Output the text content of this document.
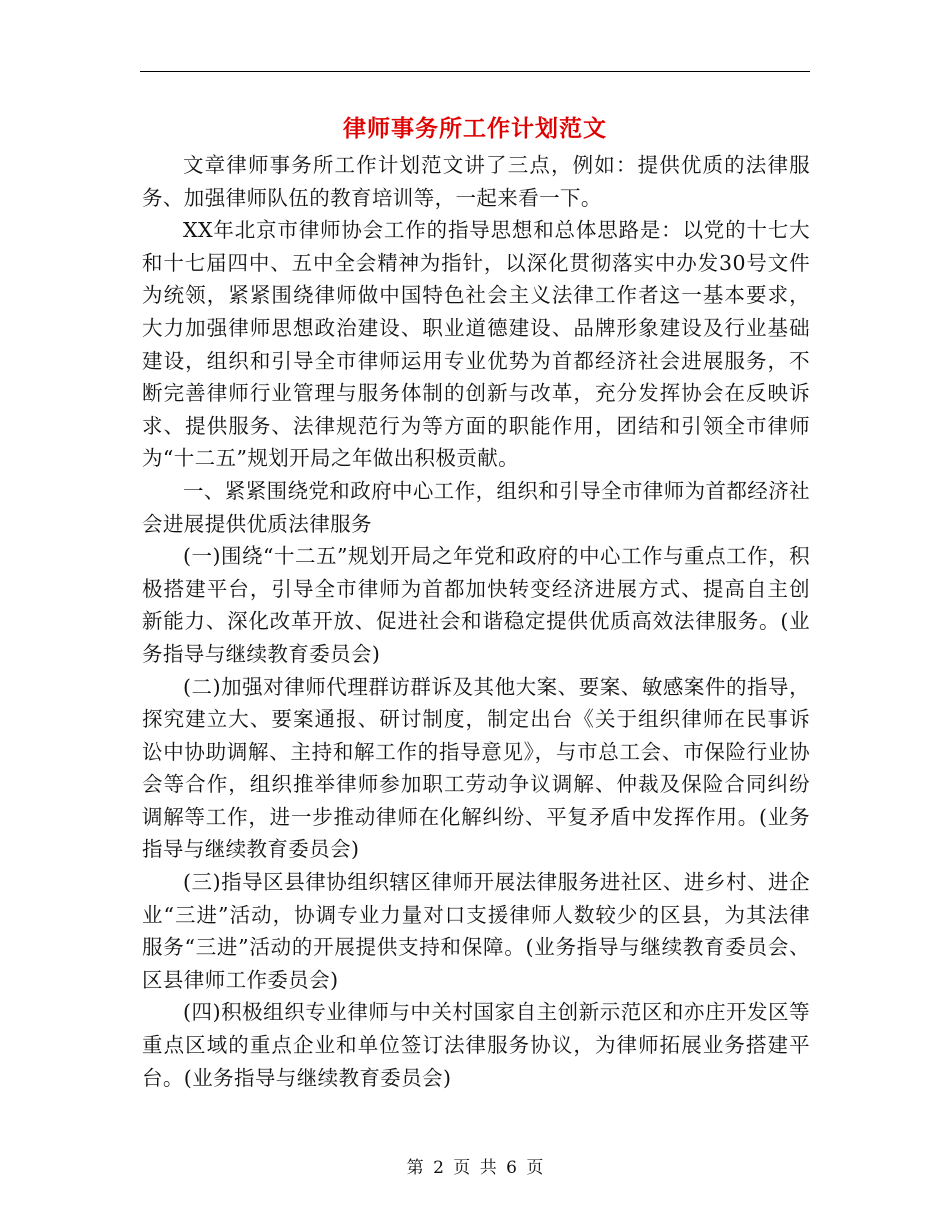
律师事务所工作计划范文

文章律师事务所工作计划范文讲了三点，例如：提供优质的法律服务、加强律师队伍的教育培训等，一起来看一下。

XX年北京市律师协会工作的指导思想和总体思路是：以党的十七大和十七届四中、五中全会精神为指针，以深化贯彻落实中办发30号文件为统领，紧紧围绕律师做中国特色社会主义法律工作者这一基本要求，大力加强律师思想政治建设、职业道德建设、品牌形象建设及行业基础建设，组织和引导全市律师运用专业优势为首都经济社会进展服务，不断完善律师行业管理与服务体制的创新与改革，充分发挥协会在反映诉求、提供服务、法律规范行为等方面的职能作用，团结和引领全市律师为“十二五”规划开局之年做出积极贡献。

一、紧紧围绕党和政府中心工作，组织和引导全市律师为首都经济社会进展提供优质法律服务

(一)围绕“十二五”规划开局之年党和政府的中心工作与重点工作，积极搭建平台，引导全市律师为首都加快转变经济进展方式、提高自主创新能力、深化改革开放、促进社会和谐稳定提供优质高效法律服务。(业务指导与继续教育委员会)

(二)加强对律师代理群访群诉及其他大案、要案、敏感案件的指导，探究建立大、要案通报、研讨制度，制定出台《关于组织律师在民事诉讼中协助调解、主持和解工作的指导意见》，与市总工会、市保险行业协会等合作，组织推举律师参加职工劳动争议调解、仲裁及保险合同纠纷调解等工作，进一步推动律师在化解纠纷、平复矛盾中发挥作用。(业务指导与继续教育委员会)

(三)指导区县律协组织辖区律师开展法律服务进社区、进乡村、进企业“三进”活动，协调专业力量对口支援律师人数较少的区县，为其法律服务“三进”活动的开展提供支持和保障。(业务指导与继续教育委员会、区县律师工作委员会)

(四)积极组织专业律师与中关村国家自主创新示范区和亦庄开发区等重点区域的重点企业和单位签订法律服务协议，为律师拓展业务搭建平台。(业务指导与继续教育委员会)

第 2 页 共 6 页
